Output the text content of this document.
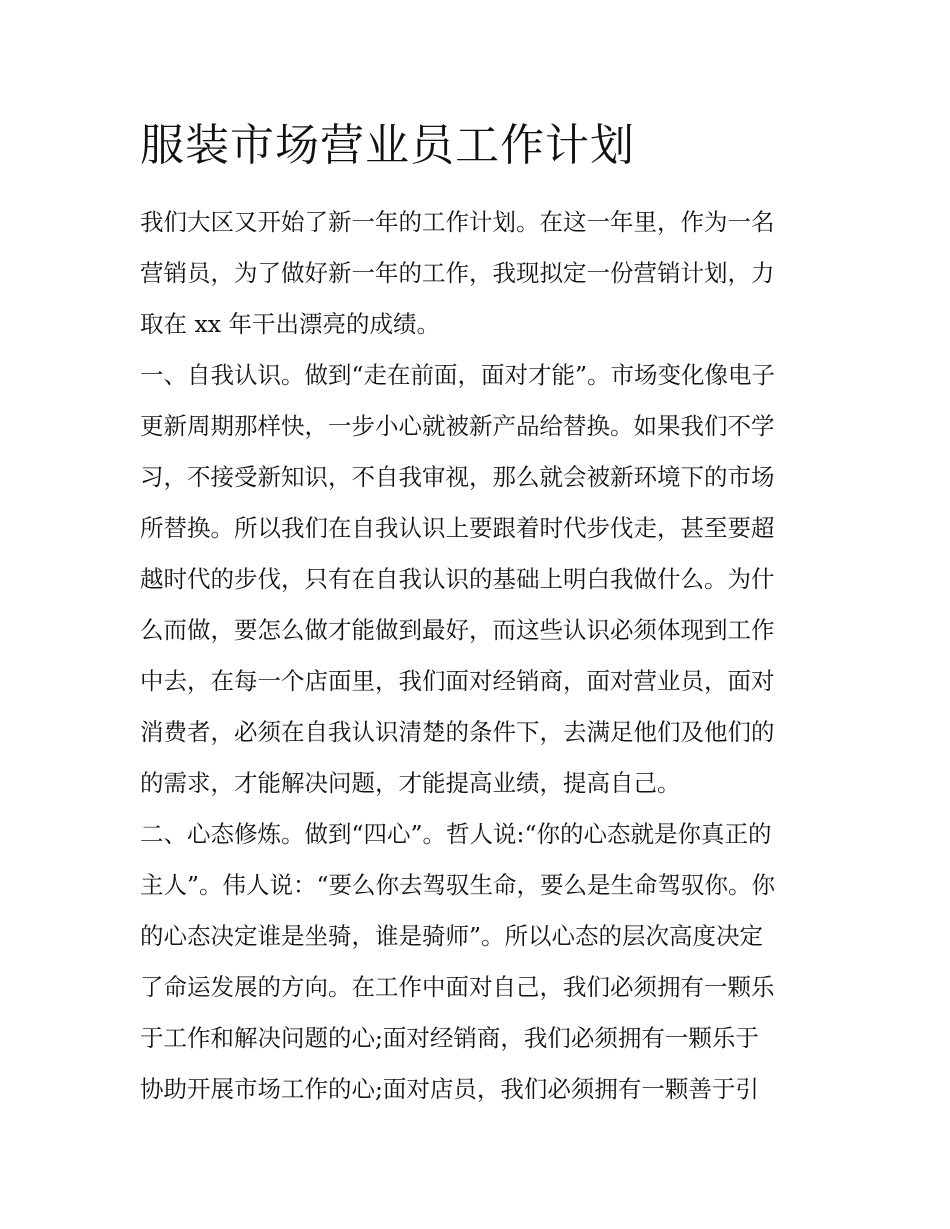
服装市场营业员工作计划

我们大区又开始了新一年的工作计划。在这一年里，作为一名

营销员，为了做好新一年的工作，我现拟定一份营销计划，力

取在 xx 年干出漂亮的成绩。

一、自我认识。做到“走在前面，面对才能”。市场变化像电子

更新周期那样快，一步小心就被新产品给替换。如果我们不学

习，不接受新知识，不自我审视，那么就会被新环境下的市场

所替换。所以我们在自我认识上要跟着时代步伐走，甚至要超

越时代的步伐，只有在自我认识的基础上明白我做什么。为什

么而做，要怎么做才能做到最好，而这些认识必须体现到工作

中去，在每一个店面里，我们面对经销商，面对营业员，面对

消费者，必须在自我认识清楚的条件下，去满足他们及他们的

的需求，才能解决问题，才能提高业绩，提高自己。

二、心态修炼。做到“四心”。哲人说:“你的心态就是你真正的

主人”。伟人说：“要么你去驾驭生命，要么是生命驾驭你。你

的心态决定谁是坐骑，谁是骑师”。所以心态的层次高度决定

了命运发展的方向。在工作中面对自己，我们必须拥有一颗乐

于工作和解决问题的心;面对经销商，我们必须拥有一颗乐于

协助开展市场工作的心;面对店员，我们必须拥有一颗善于引
